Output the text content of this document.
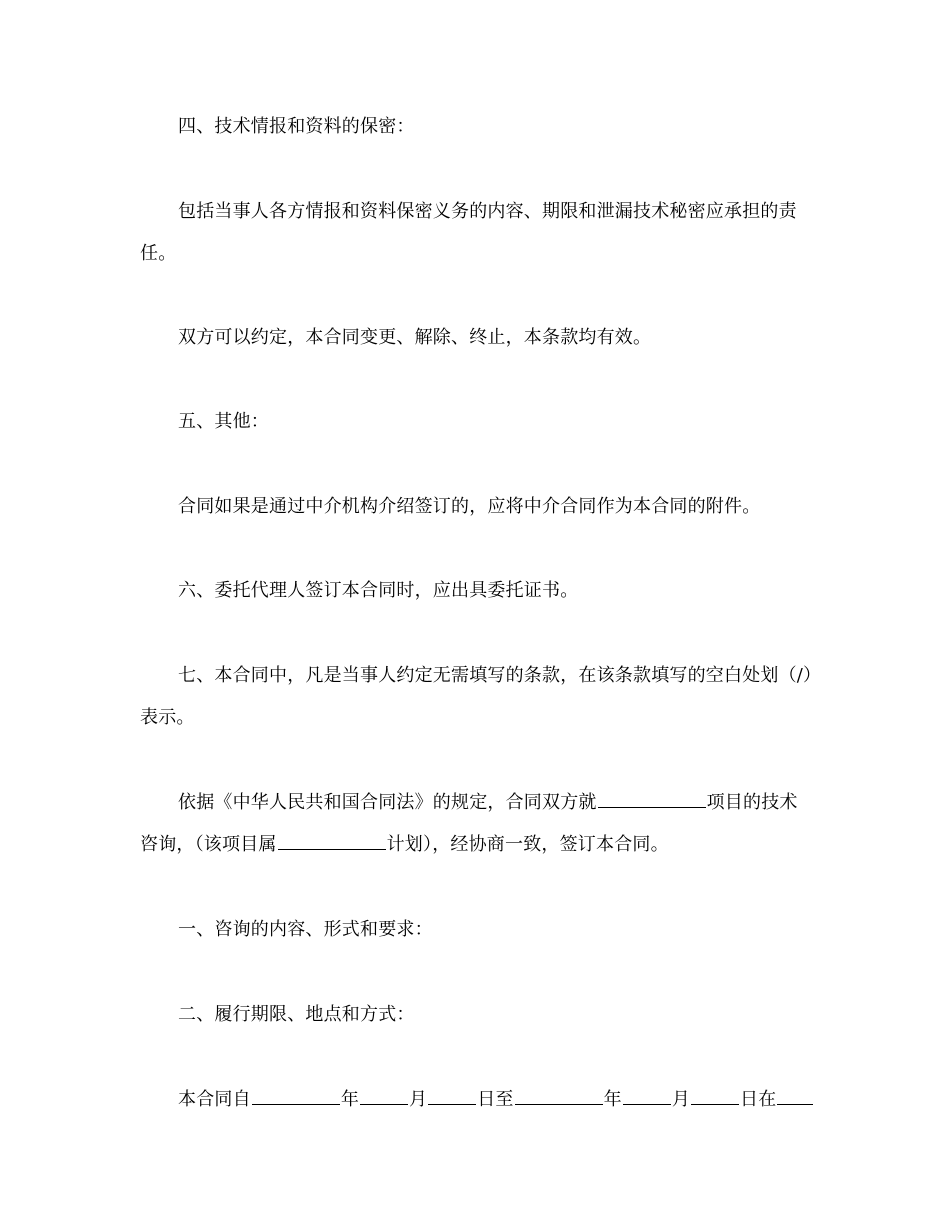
四、技术情报和资料的保密：
包括当事人各方情报和资料保密义务的内容、期限和泄漏技术秘密应承担的责
任。
双方可以约定，本合同变更、解除、终止，本条款均有效。
五、其他：
合同如果是通过中介机构介绍签订的，应将中介合同作为本合同的附件。
六、委托代理人签订本合同时，应出具委托证书。
七、本合同中，凡是当事人约定无需填写的条款，在该条款填写的空白处划（/）
表示。
依据《中华人民共和国合同法》的规定，合同双方就	项目的技术
咨询，（该项目属	计划），经协商一致，签订本合同。
一、咨询的内容、形式和要求：
二、履行期限、地点和方式：
本合同自	年	月	日至	年	月	日在
